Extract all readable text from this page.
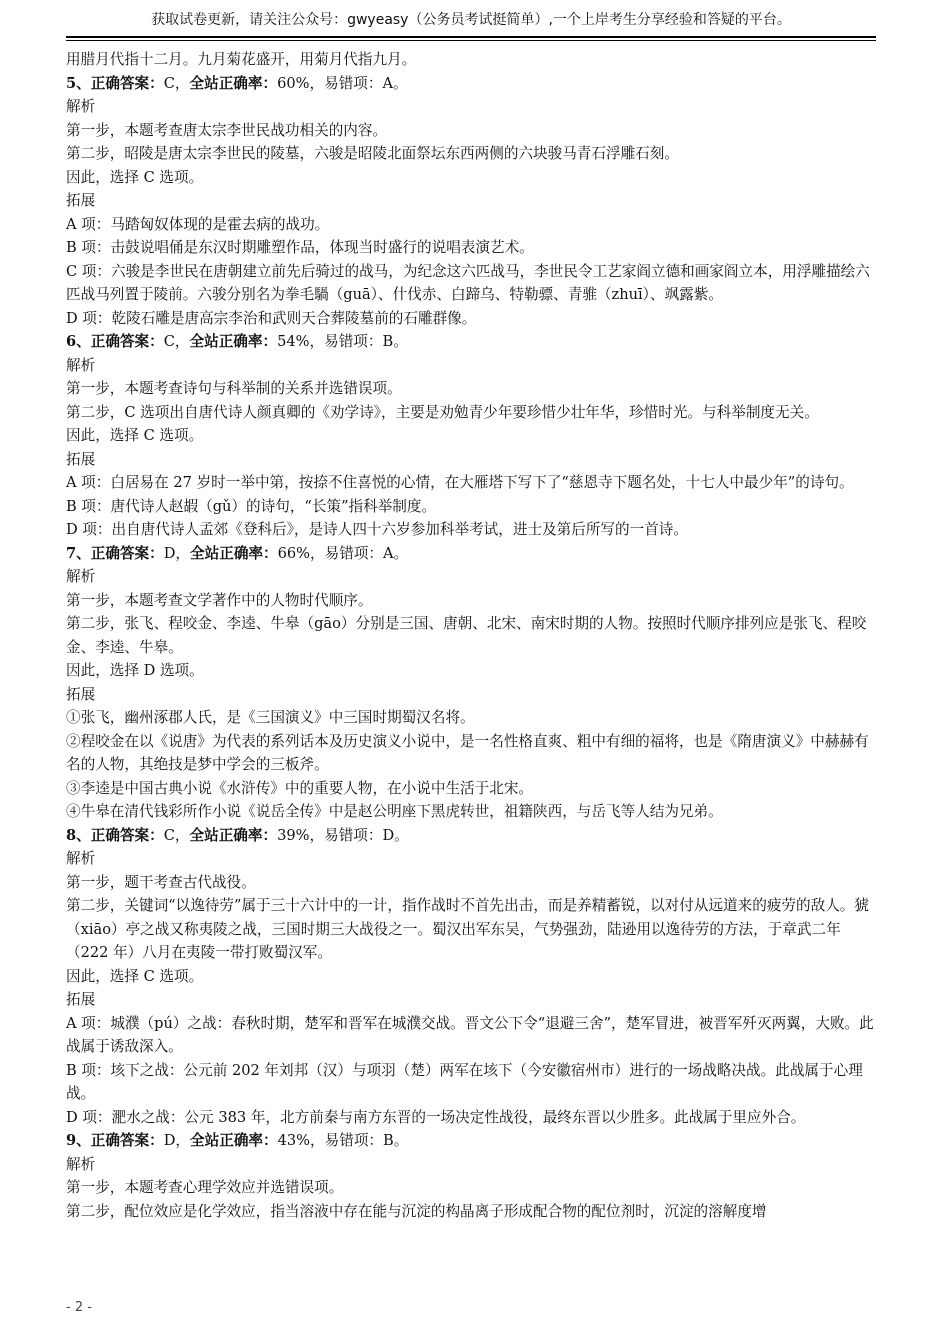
获取试卷更新，请关注公众号：gwyeasy（公务员考试挺简单）,一个上岸考生分享经验和答疑的平台。

用腊月代指十二月。九月菊花盛开，用菊月代指九月。

5、正确答案：C，全站正确率：60%，易错项：A。

解析

第一步，本题考查唐太宗李世民战功相关的内容。

第二步，昭陵是唐太宗李世民的陵墓，六骏是昭陵北面祭坛东西两侧的六块骏马青石浮雕石刻。

因此，选择 C 选项。

拓展

A 项：马踏匈奴体现的是霍去病的战功。

B 项：击鼓说唱俑是东汉时期雕塑作品，体现当时盛行的说唱表演艺术。

C 项：六骏是李世民在唐朝建立前先后骑过的战马，为纪念这六匹战马，李世民令工艺家阎立德和画家阎立本，用浮雕描绘六匹战马列置于陵前。六骏分别名为拳毛騧（guā）、什伐赤、白蹄乌、特勒骠、青骓（zhuī）、飒露紫。

D 项：乾陵石雕是唐高宗李治和武则天合葬陵墓前的石雕群像。

6、正确答案：C，全站正确率：54%，易错项：B。

解析

第一步，本题考查诗句与科举制的关系并选错误项。

第二步，C 选项出自唐代诗人颜真卿的《劝学诗》，主要是劝勉青少年要珍惜少壮年华，珍惜时光。与科举制度无关。

因此，选择 C 选项。

拓展

A 项：白居易在 27 岁时一举中第，按捺不住喜悦的心情，在大雁塔下写下了“慈恩寺下题名处，十七人中最少年”的诗句。

B 项：唐代诗人赵嘏（gǔ）的诗句，“长策”指科举制度。

D 项：出自唐代诗人孟郊《登科后》，是诗人四十六岁参加科举考试，进士及第后所写的一首诗。

7、正确答案：D，全站正确率：66%，易错项：A。

解析

第一步，本题考查文学著作中的人物时代顺序。

第二步，张飞、程咬金、李逵、牛皋（gāo）分别是三国、唐朝、北宋、南宋时期的人物。按照时代顺序排列应是张飞、程咬金、李逵、牛皋。

因此，选择 D 选项。

拓展

①张飞，幽州涿郡人氏，是《三国演义》中三国时期蜀汉名将。

②程咬金在以《说唐》为代表的系列话本及历史演义小说中，是一名性格直爽、粗中有细的福将，也是《隋唐演义》中赫赫有名的人物，其绝技是梦中学会的三板斧。

③李逵是中国古典小说《水浒传》中的重要人物，在小说中生活于北宋。

④牛皋在清代钱彩所作小说《说岳全传》中是赵公明座下黑虎转世，祖籍陕西，与岳飞等人结为兄弟。

8、正确答案：C，全站正确率：39%，易错项：D。

解析

第一步，题干考查古代战役。

第二步，关键词“以逸待劳”属于三十六计中的一计，指作战时不首先出击，而是养精蓄锐，以对付从远道来的疲劳的敌人。猇（xiāo）亭之战又称夷陵之战，三国时期三大战役之一。蜀汉出军东吴，气势强劲，陆逊用以逸待劳的方法，于章武二年（222 年）八月在夷陵一带打败蜀汉军。

因此，选择 C 选项。

拓展

A 项：城濮（pú）之战：春秋时期，楚军和晋军在城濮交战。晋文公下令“退避三舍”，楚军冒进，被晋军歼灭两翼，大败。此战属于诱敌深入。

B 项：垓下之战：公元前 202 年刘邦（汉）与项羽（楚）两军在垓下（今安徽宿州市）进行的一场战略决战。此战属于心理战。

D 项：淝水之战：公元 383 年，北方前秦与南方东晋的一场决定性战役，最终东晋以少胜多。此战属于里应外合。

9、正确答案：D，全站正确率：43%，易错项：B。

解析

第一步，本题考查心理学效应并选错误项。

第二步，配位效应是化学效应，指当溶液中存在能与沉淀的构晶离子形成配合物的配位剂时，沉淀的溶解度增

- 2 -
